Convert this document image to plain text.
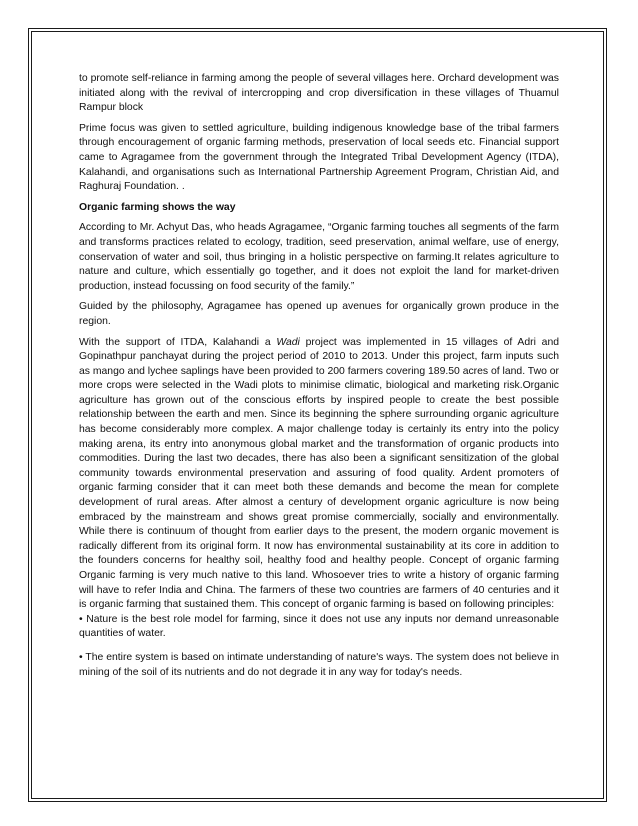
to promote self-reliance in farming among the people of several villages here. Orchard development was initiated along with the revival of intercropping and crop diversification in these villages of Thuamul Rampur block

Prime focus was given to settled agriculture, building indigenous knowledge base of the tribal farmers through encouragement of organic farming methods, preservation of local seeds etc. Financial support came to Agragamee from the government through the Integrated Tribal Development Agency (ITDA), Kalahandi, and organisations such as International Partnership Agreement Program, Christian Aid, and Raghuraj Foundation. .

Organic farming shows the way

According to Mr. Achyut Das, who heads Agragamee, “Organic farming touches all segments of the farm and transforms practices related to ecology, tradition, seed preservation, animal welfare, use of energy, conservation of water and soil, thus bringing in a holistic perspective on farming.It relates agriculture to nature and culture, which essentially go together, and it does not exploit the land for market-driven production, instead focussing on food security of the family.”

Guided by the philosophy, Agragamee has opened up avenues for organically grown produce in the region.

With the support of ITDA, Kalahandi a Wadi project was implemented in 15 villages of Adri and Gopinathpur panchayat during the project period of 2010 to 2013. Under this project, farm inputs such as mango and lychee saplings have been provided to 200 farmers covering 189.50 acres of land. Two or more crops were selected in the Wadi plots to minimise climatic, biological and marketing risk.Organic agriculture has grown out of the conscious efforts by inspired people to create the best possible relationship between the earth and men. Since its beginning the sphere surrounding organic agriculture has become considerably more complex. A major challenge today is certainly its entry into the policy making arena, its entry into anonymous global market and the transformation of organic products into commodities. During the last two decades, there has also been a significant sensitization of the global community towards environmental preservation and assuring of food quality. Ardent promoters of organic farming consider that it can meet both these demands and become the mean for complete development of rural areas. After almost a century of development organic agriculture is now being embraced by the mainstream and shows great promise commercially, socially and environmentally. While there is continuum of thought from earlier days to the present, the modern organic movement is radically different from its original form. It now has environmental sustainability at its core in addition to the founders concerns for healthy soil, healthy food and healthy people. Concept of organic farming Organic farming is very much native to this land. Whosoever tries to write a history of organic farming will have to refer India and China. The farmers of these two countries are farmers of 40 centuries and it is organic farming that sustained them. This concept of organic farming is based on following principles:

• Nature is the best role model for farming, since it does not use any inputs nor demand unreasonable quantities of water.

• The entire system is based on intimate understanding of nature's ways. The system does not believe in mining of the soil of its nutrients and do not degrade it in any way for today's needs.
